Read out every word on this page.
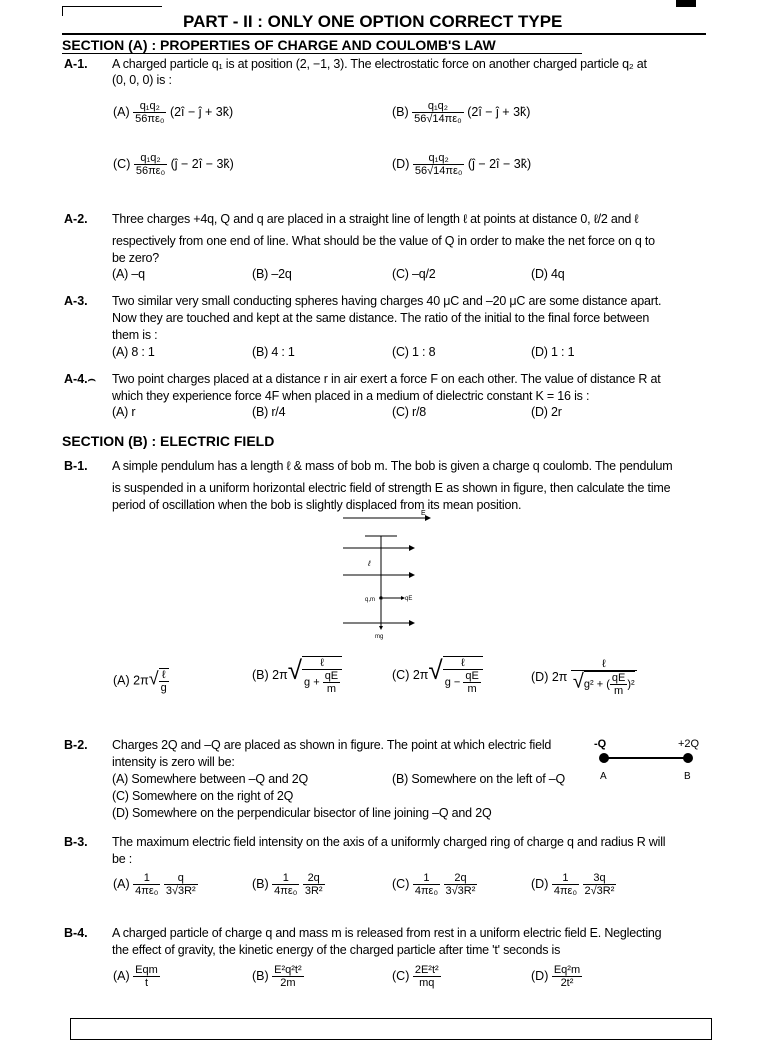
PART - II : ONLY ONE OPTION CORRECT TYPE
SECTION (A) : PROPERTIES OF CHARGE AND COULOMB'S LAW
A-1. A charged particle q₁ is at position (2, −1, 3). The electrostatic force on another charged particle q₂ at
(0, 0, 0) is :
$(A) \frac{\text{q₁q₂}}{\text{56πε₀}}$ (2î − ĵ + 3k̂)	$(B) \frac{\text{q₁q₂}}{\text{56√14πε₀}}$ (2î − ĵ + 3k̂)
$(C) \frac{\text{q₁q₂}}{\text{56πε₀}}$ (ĵ − 2î − 3k̂)	$(D) \frac{\text{q₁q₂}}{\text{56√14πε₀}}$ (ĵ − 2î − 3k̂)
A-2. Three charges +4q, Q and q are placed in a straight line of length ℓ at points at distance 0, ℓ/2 and ℓ
respectively from one end of line. What should be the value of Q in order to make the net force on q to
be zero?
(A) –q	(B) –2q	(C) –q/2	(D) 4q
A-3. Two similar very small conducting spheres having charges 40 μC and –20 μC are some distance apart.
Now they are touched and kept at the same distance. The ratio of the initial to the final force between
them is :
(A) 8 : 1	(B) 4 : 1	(C) 1 : 8	(D) 1 : 1
A-4.⌢ Two point charges placed at a distance r in air exert a force F on each other. The value of distance R at
which they experience force 4F when placed in a medium of dielectric constant K = 16 is :
(A) r	(B) r/4	(C) r/8	(D) 2r
SECTION (B) : ELECTRIC FIELD
B-1. A simple pendulum has a length ℓ & mass of bob m. The bob is given a charge q coulomb. The pendulum
is suspended in a uniform horizontal electric field of strength E as shown in figure, then calculate the time
period of oscillation when the bob is slightly displaced from its mean position.
E
ℓ
q,m	qE
mg
(A) $2\pi√ \frac{\text{ℓ}}{g}$	(B) $2\pi√ \frac{\text{ℓ}}{g + \frac{qE}{m}}$	(C) $2\pi√ \frac{\text{ℓ}}{g - \frac{qE}{m}}$	(D) $2\pi \frac{\text{ℓ}}{√g^2 + ( \frac{qE}{m} )^2}$
B-2. Charges 2Q and –Q are placed as shown in figure. The point at which electric field
intensity is zero will be:
(A) Somewhere between –Q and 2Q	(B) Somewhere on the left of –Q
(C) Somewhere on the right of 2Q
(D) Somewhere on the perpendicular bisector of line joining –Q and 2Q
-Q	+2Q
A	B
B-3. The maximum electric field intensity on the axis of a uniformly charged ring of charge q and radius R will
be :
$(A) \frac{1}{\text{4πε₀}}$
$\frac{q}{\text{3√3R²}}$	$(B) \frac{1}{\text{4πε₀}}$
$\frac{2q}{\text{3R²}}$	$(C) \frac{1}{\text{4πε₀}}$
$\frac{2q}{\text{3√3R²}}$	$(D) \frac{1}{\text{4πε₀}}$
$\frac{3q}{\text{2√3R²}}$
B-4. A charged particle of charge q and mass m is released from rest in a uniform electric field E. Neglecting
the effect of gravity, the kinetic energy of the charged particle after time 't' seconds is
$(A) \frac{\text{Eqm}}{t}$	$(B) \frac{\text{E²q²t²}}{2m}$	$(C) \frac{\text{2E²t²}}{mq}$	$(D) \frac{\text{Eq²m}}{\text{2t²}}$
